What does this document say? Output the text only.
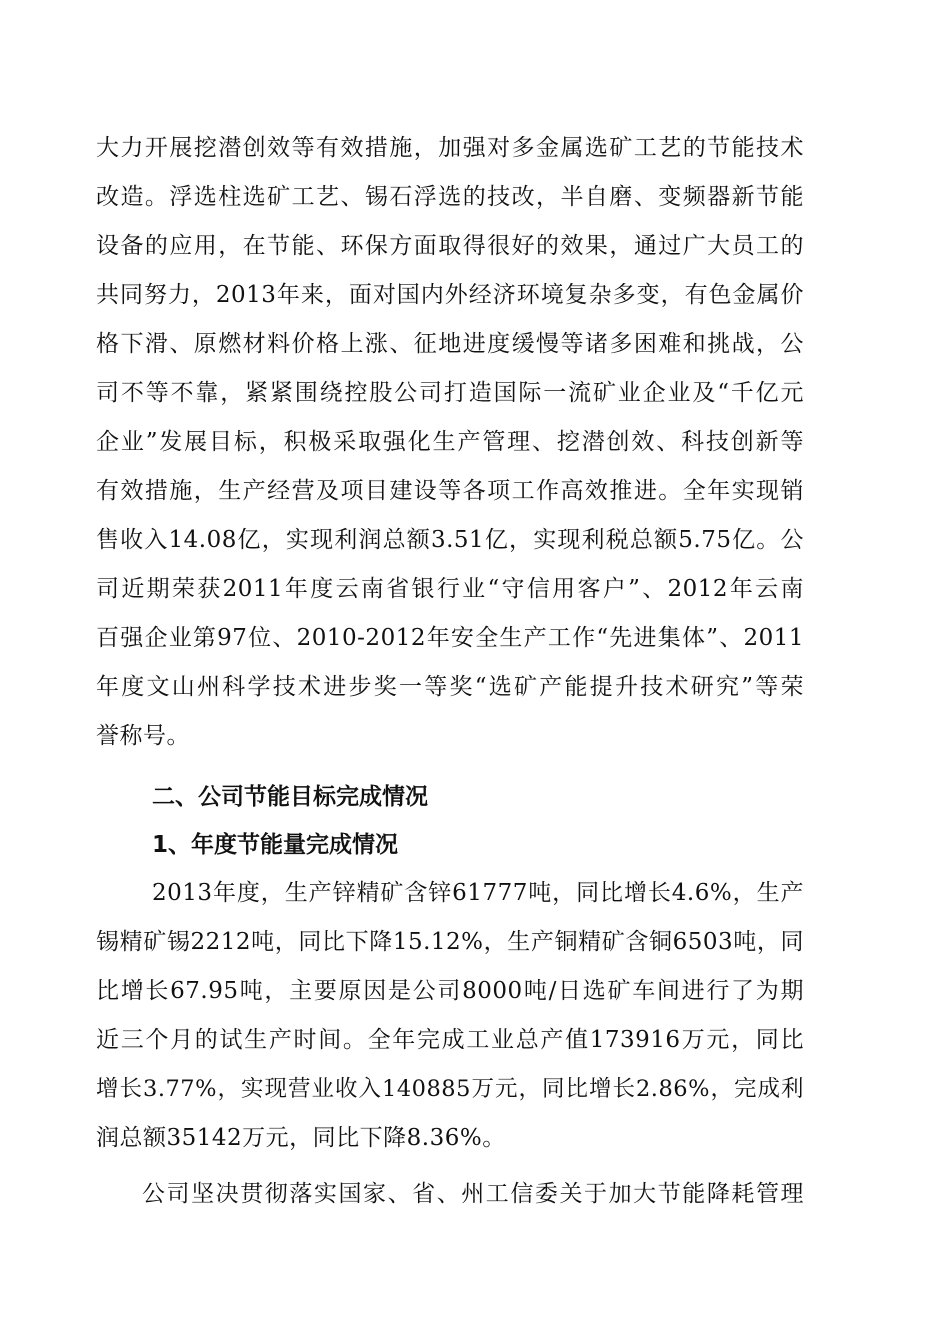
大力开展挖潜创效等有效措施，加强对多金属选矿工艺的节能技术
改造。浮选柱选矿工艺、锡石浮选的技改，半自磨、变频器新节能
设备的应用，在节能、环保方面取得很好的效果，通过广大员工的
共同努力，2013年来，面对国内外经济环境复杂多变，有色金属价
格下滑、原燃材料价格上涨、征地进度缓慢等诸多困难和挑战，公
司不等不靠，紧紧围绕控股公司打造国际一流矿业企业及“千亿元
企业”发展目标，积极采取强化生产管理、挖潜创效、科技创新等
有效措施，生产经营及项目建设等各项工作高效推进。全年实现销
售收入14.08亿，实现利润总额3.51亿，实现利税总额5.75亿。公
司近期荣获2011年度云南省银行业“守信用客户”、2012年云南
百强企业第97位、2010-2012年安全生产工作“先进集体”、2011
年度文山州科学技术进步奖一等奖“选矿产能提升技术研究”等荣
誉称号。
二、公司节能目标完成情况
1、年度节能量完成情况
2013年度，生产锌精矿含锌61777吨，同比增长4.6%，生产
锡精矿锡2212吨，同比下降15.12%，生产铜精矿含铜6503吨，同
比增长67.95吨，主要原因是公司8000吨/日选矿车间进行了为期
近三个月的试生产时间。全年完成工业总产值173916万元，同比
增长3.77%，实现营业收入140885万元，同比增长2.86%，完成利
润总额35142万元，同比下降8.36%。
公司坚决贯彻落实国家、省、州工信委关于加大节能降耗管理
